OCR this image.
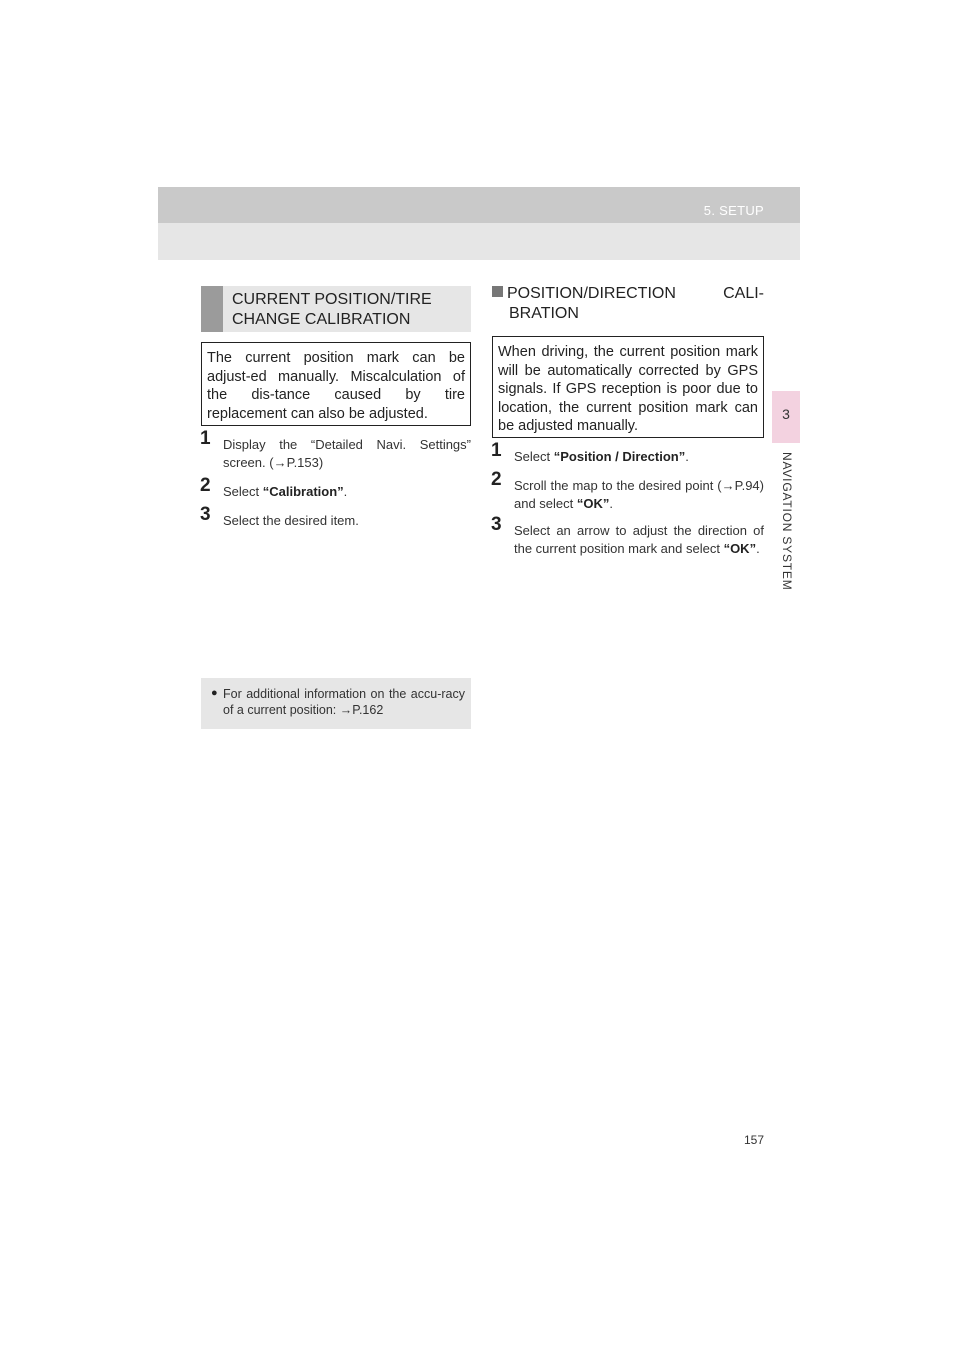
5. SETUP
3
NAVIGATION SYSTEM
CURRENT POSITION/TIRE CHANGE CALIBRATION
The current position mark can be adjust-ed manually. Miscalculation of the dis-tance caused by tire replacement can also be adjusted.
1 Display the “Detailed Navi. Settings” screen. (→P.153)
2 Select “Calibration”.
3 Select the desired item.
● For additional information on the accu-racy of a current position: →P.162
POSITION/DIRECTION	CALI-
BRATION
When driving, the current position mark will be automatically corrected by GPS signals. If GPS reception is poor due to location, the current position mark can be adjusted manually.
1 Select “Position / Direction”.
2 Scroll the map to the desired point (→P.94) and select “OK”.
3 Select an arrow to adjust the direction of the current position mark and select “OK”.
157
